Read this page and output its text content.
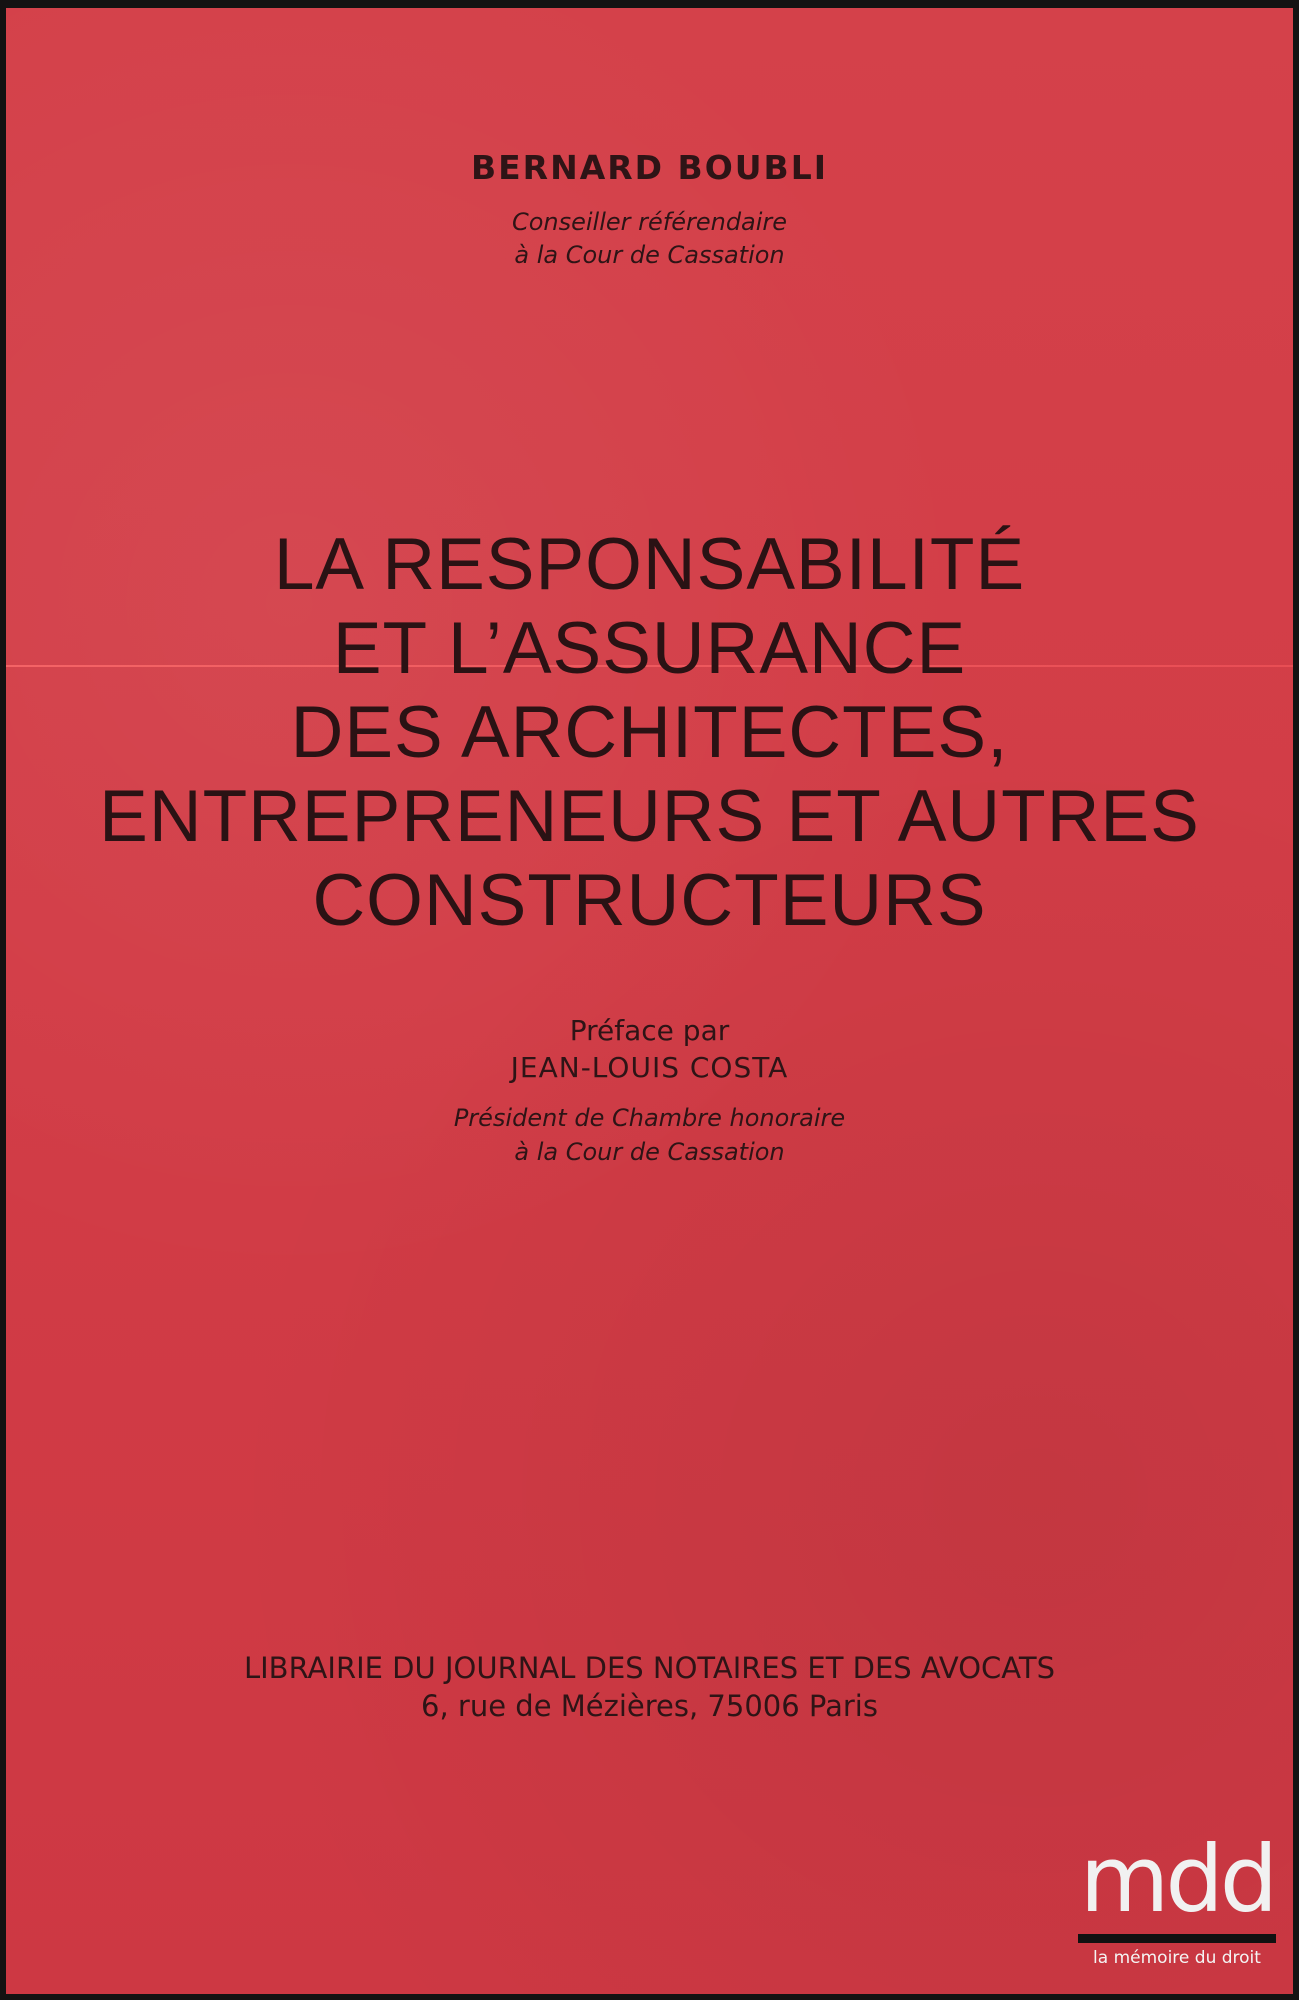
BERNARD BOUBLI
Conseiller référendaire
à la Cour de Cassation
LA RESPONSABILITÉ
ET L’ASSURANCE
DES ARCHITECTES,
ENTREPRENEURS ET AUTRES
CONSTRUCTEURS
Préface par
JEAN-LOUIS COSTA
Président de Chambre honoraire
à la Cour de Cassation
LIBRAIRIE DU JOURNAL DES NOTAIRES ET DES AVOCATS
6, rue de Mézières, 75006 Paris
mdd
la mémoire du droit
